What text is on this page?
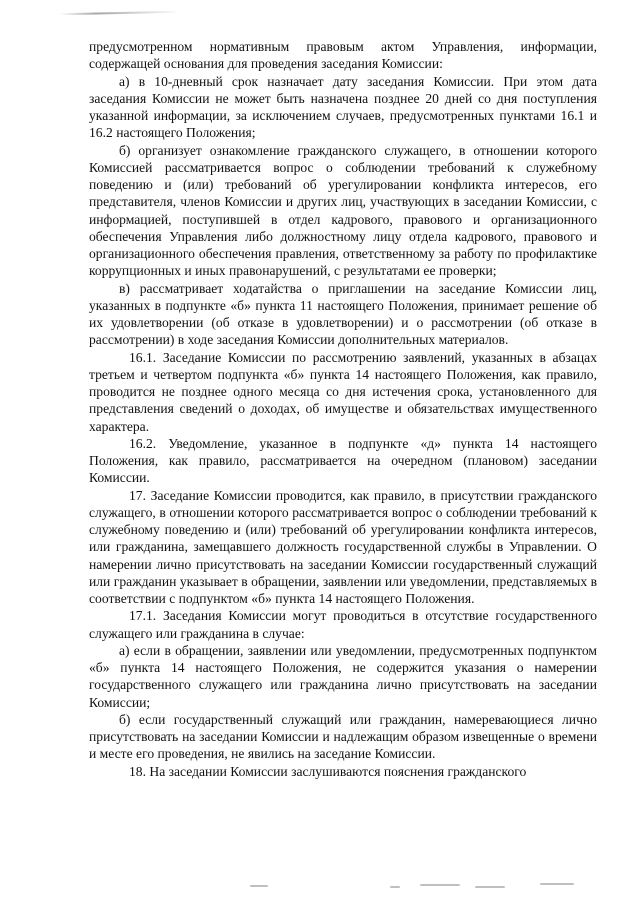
предусмотренном нормативным правовым актом Управления, информации, содержащей основания для проведения заседания Комиссии:

а) в 10-дневный срок назначает дату заседания Комиссии. При этом дата заседания Комиссии не может быть назначена позднее 20 дней со дня поступления указанной информации, за исключением случаев, предусмотренных пунктами 16.1 и 16.2 настоящего Положения;

б) организует ознакомление гражданского служащего, в отношении которого Комиссией рассматривается вопрос о соблюдении требований к служебному поведению и (или) требований об урегулировании конфликта интересов, его представителя, членов Комиссии и других лиц, участвующих в заседании Комиссии, с информацией, поступившей в отдел кадрового, правового и организационного обеспечения Управления либо должностному лицу отдела кадрового, правового и организационного обеспечения правления, ответственному за работу по профилактике коррупционных и иных правонарушений, с результатами ее проверки;

в) рассматривает ходатайства о приглашении на заседание Комиссии лиц, указанных в подпункте «б» пункта 11 настоящего Положения, принимает решение об их удовлетворении (об отказе в удовлетворении) и о рассмотрении (об отказе в рассмотрении) в ходе заседания Комиссии дополнительных материалов.

16.1. Заседание Комиссии по рассмотрению заявлений, указанных в абзацах третьем и четвертом подпункта «б» пункта 14 настоящего Положения, как правило, проводится не позднее одного месяца со дня истечения срока, установленного для представления сведений о доходах, об имуществе и обязательствах имущественного характера.

16.2. Уведомление, указанное в подпункте «д» пункта 14 настоящего Положения, как правило, рассматривается на очередном (плановом) заседании Комиссии.

17. Заседание Комиссии проводится, как правило, в присутствии гражданского служащего, в отношении которого рассматривается вопрос о соблюдении требований к служебному поведению и (или) требований об урегулировании конфликта интересов, или гражданина, замещавшего должность государственной службы в Управлении. О намерении лично присутствовать на заседании Комиссии государственный служащий или гражданин указывает в обращении, заявлении или уведомлении, представляемых в соответствии с подпунктом «б» пункта 14 настоящего Положения.

17.1. Заседания Комиссии могут проводиться в отсутствие государственного служащего или гражданина в случае:

а) если в обращении, заявлении или уведомлении, предусмотренных подпунктом «б» пункта 14 настоящего Положения, не содержится указания о намерении государственного служащего или гражданина лично присутствовать на заседании Комиссии;

б) если государственный служащий или гражданин, намеревающиеся лично присутствовать на заседании Комиссии и надлежащим образом извещенные о времени и месте его проведения, не явились на заседание Комиссии.

18. На заседании Комиссии заслушиваются пояснения гражданского
